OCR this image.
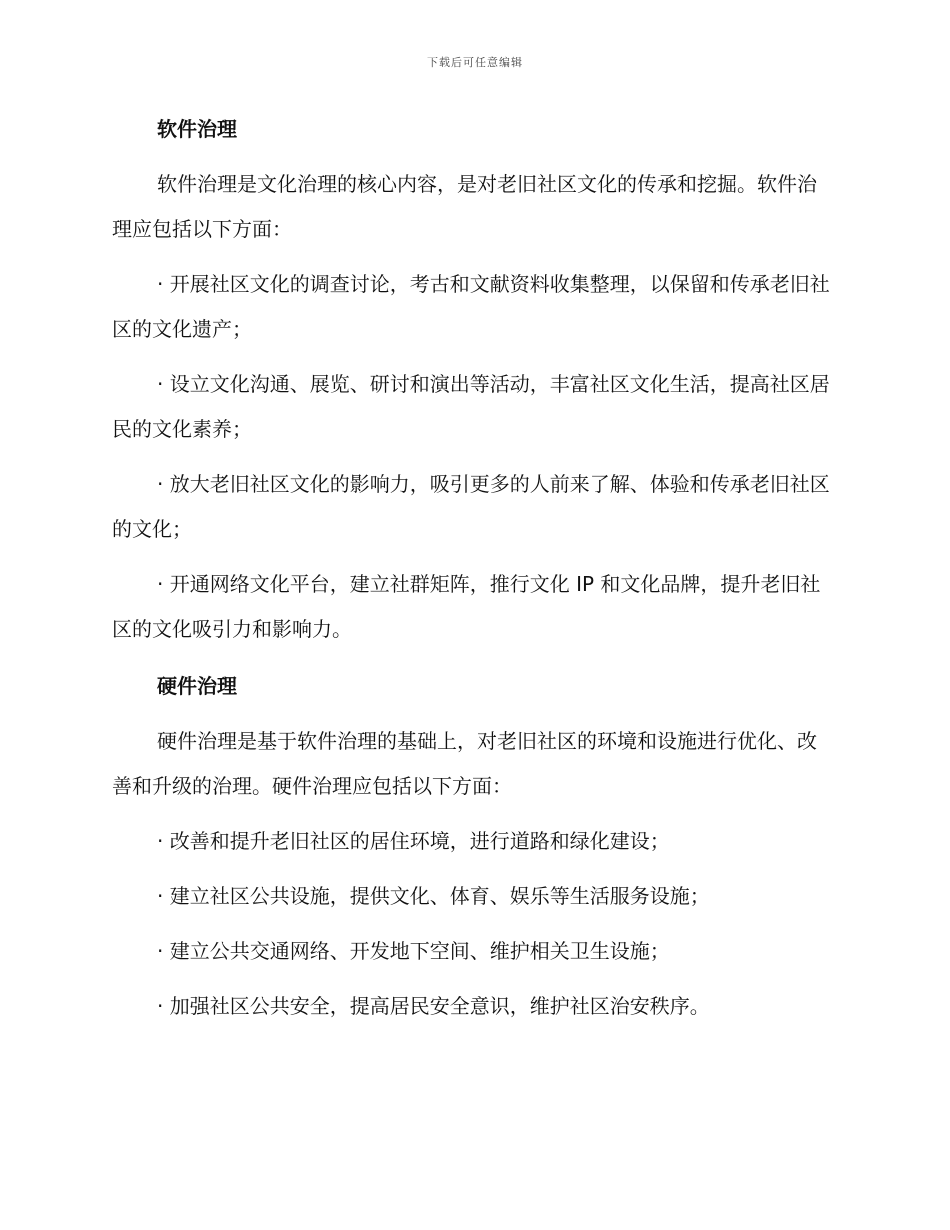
下载后可任意编辑
软件治理

软件治理是文化治理的核心内容，是对老旧社区文化的传承和挖掘。软件治理应包括以下方面：

· 开展社区文化的调查讨论，考古和文献资料收集整理，以保留和传承老旧社区的文化遗产；

· 设立文化沟通、展览、研讨和演出等活动，丰富社区文化生活，提高社区居民的文化素养；

· 放大老旧社区文化的影响力，吸引更多的人前来了解、体验和传承老旧社区的文化；

· 开通网络文化平台，建立社群矩阵，推行文化 IP 和文化品牌，提升老旧社区的文化吸引力和影响力。

硬件治理

硬件治理是基于软件治理的基础上，对老旧社区的环境和设施进行优化、改善和升级的治理。硬件治理应包括以下方面：

· 改善和提升老旧社区的居住环境，进行道路和绿化建设；

· 建立社区公共设施，提供文化、体育、娱乐等生活服务设施；

· 建立公共交通网络、开发地下空间、维护相关卫生设施；

· 加强社区公共安全，提高居民安全意识，维护社区治安秩序。
